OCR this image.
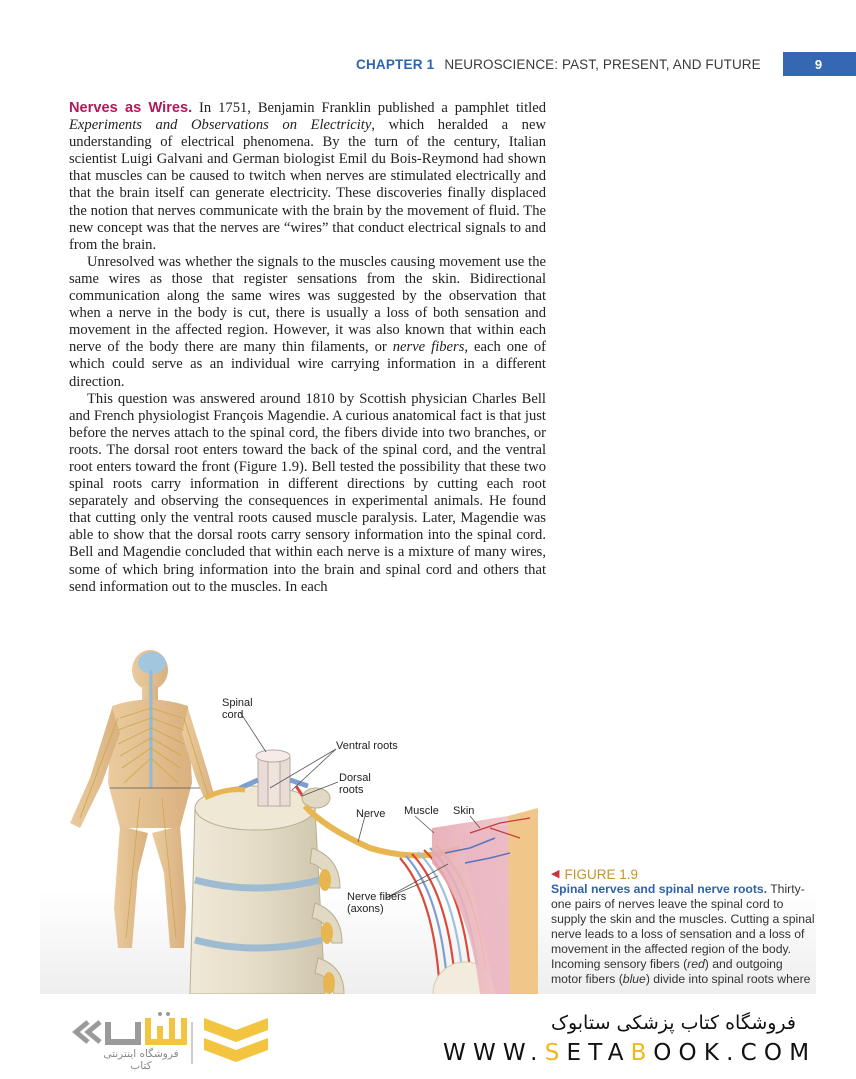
CHAPTER 1 NEUROSCIENCE: PAST, PRESENT, AND FUTURE	9

Nerves as Wires. In 1751, Benjamin Franklin published a pamphlet titled Experiments and Observations on Electricity, which heralded a new understanding of electrical phenomena. By the turn of the century, Italian scientist Luigi Galvani and German biologist Emil du Bois-Reymond had shown that muscles can be caused to twitch when nerves are stimulated electrically and that the brain itself can generate electricity. These discoveries finally displaced the notion that nerves communicate with the brain by the movement of fluid. The new concept was that the nerves are “wires” that conduct electrical signals to and from the brain.

Unresolved was whether the signals to the muscles causing movement use the same wires as those that register sensations from the skin. Bidirectional communication along the same wires was suggested by the observation that when a nerve in the body is cut, there is usually a loss of both sensation and movement in the affected region. However, it was also known that within each nerve of the body there are many thin filaments, or nerve fibers, each one of which could serve as an individual wire carrying information in a different direction.

This question was answered around 1810 by Scottish physician Charles Bell and French physiologist François Magendie. A curious anatomical fact is that just before the nerves attach to the spinal cord, the fibers divide into two branches, or roots. The dorsal root enters toward the back of the spinal cord, and the ventral root enters toward the front (Figure 1.9). Bell tested the possibility that these two spinal roots carry information in different directions by cutting each root separately and observing the consequences in experimental animals. He found that cutting only the ventral roots caused muscle paralysis. Later, Magendie was able to show that the dorsal roots carry sensory information into the spinal cord. Bell and Magendie concluded that within each nerve is a mixture of many wires, some of which bring information into the brain and spinal cord and others that send information out to the muscles. In each

Spinal
cord
Ventral roots
Dorsal
roots
Nerve Muscle Skin
Nerve fibers
(axons)
◀ FIGURE 1.9
Spinal nerves and spinal nerve roots. Thirty-one pairs of nerves leave the spinal cord to supply the skin and the muscles. Cutting a spinal nerve leads to a loss of sensation and a loss of movement in the affected region of the body. Incoming sensory fibers (red) and outgoing motor fibers (blue) divide into spinal roots where
فروشگاه اینترنتی کتاب
فروشگاه کتاب پزشکی ستابوک
WWW.SETABOOK.COM
